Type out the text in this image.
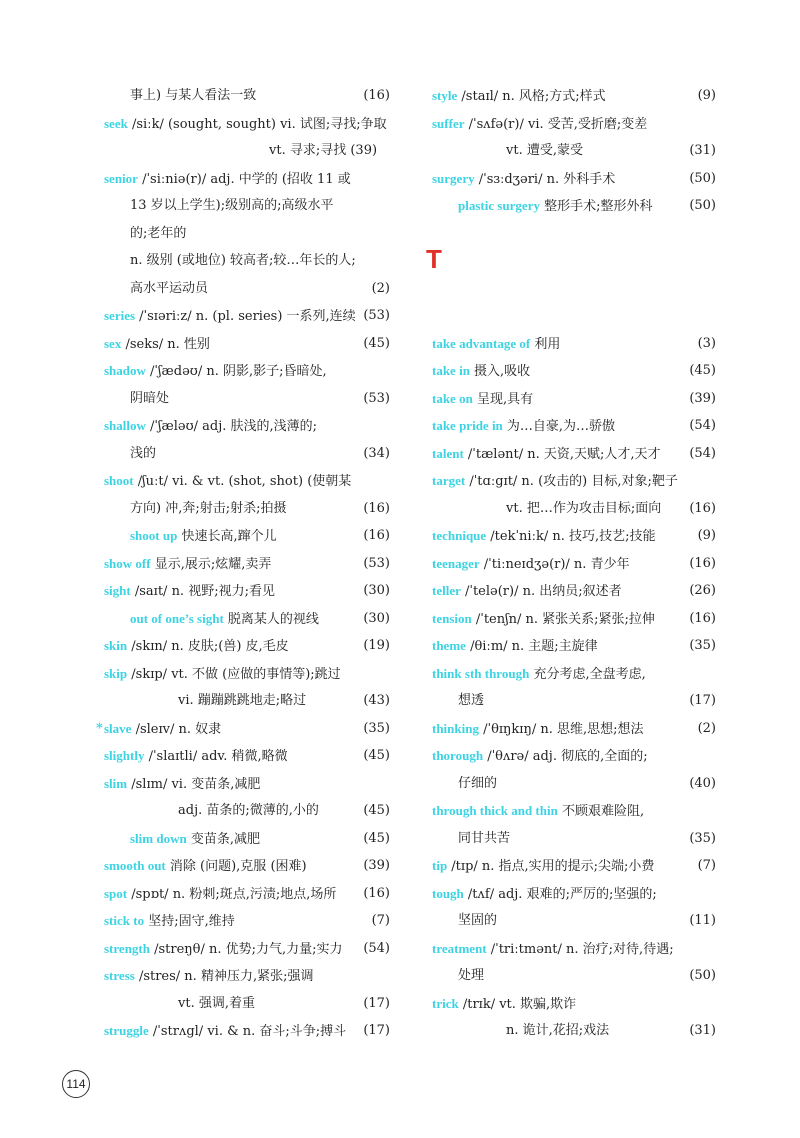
事上) 与某人看法一致	(16)
seek /siːk/ (sought, sought) vi. 试图;寻找;争取
vt. 寻求;寻找 (39)
senior /ˈsiːniə(r)/ adj. 中学的 (招收 11 或
13 岁以上学生);级别高的;高级水平
的;老年的
n. 级别 (或地位) 较高者;较…年长的人;
高水平运动员	(2)
series /ˈsɪəriːz/ n. (pl. series) 一系列,连续 (53)
sex /seks/ n. 性别	(45)
shadow /ˈʃædəʊ/ n. 阴影,影子;昏暗处,
阴暗处	(53)
shallow /ˈʃæləʊ/ adj. 肤浅的,浅薄的;
浅的	(34)
shoot /ʃuːt/ vi. & vt. (shot, shot) (使朝某
方向) 冲,奔;射击;射杀;拍摄	(16)
shoot up 快速长高,蹿个儿	(16)
show off 显示,展示;炫耀,卖弄	(53)
sight /saɪt/ n. 视野;视力;看见	(30)
out of one’s sight 脱离某人的视线	(30)
skin /skɪn/ n. 皮肤;(兽) 皮,毛皮	(19)
skip /skɪp/ vt. 不做 (应做的事情等);跳过
vi. 蹦蹦跳跳地走;略过	(43)
* slave /sleɪv/ n. 奴隶	(35)
slightly /ˈslaɪtli/ adv. 稍微,略微	(45)
slim /slɪm/ vi. 变苗条,减肥
adj. 苗条的;微薄的,小的	(45)
slim down 变苗条,减肥	(45)
smooth out 消除 (问题),克服 (困难)	(39)
spot /spɒt/ n. 粉刺;斑点,污渍;地点,场所 (16)
stick to 坚持;固守,维持	(7)
strength /streŋθ/ n. 优势;力气,力量;实力 (54)
stress /stres/ n. 精神压力,紧张;强调
vt. 强调,着重	(17)
struggle /ˈstrʌgl/ vi. & n. 奋斗;斗争;搏斗 (17)
style /staɪl/ n. 风格;方式;样式	(9)
suffer /ˈsʌfə(r)/ vi. 受苦,受折磨;变差
vt. 遭受,蒙受	(31)
surgery /ˈsɜːdʒəri/ n. 外科手术	(50)
plastic surgery 整形手术;整形外科	(50)
T
take advantage of 利用	(3)
take in 摄入,吸收	(45)
take on 呈现,具有	(39)
take pride in 为…自豪,为…骄傲	(54)
talent /ˈtælənt/ n. 天资,天赋;人才,天才 (54)
target /ˈtɑːgɪt/ n. (攻击的) 目标,对象;靶子
vt. 把…作为攻击目标;面向 (16)
technique /tekˈniːk/ n. 技巧,技艺;技能	(9)
teenager /ˈtiːneɪdʒə(r)/ n. 青少年	(16)
teller /ˈtelə(r)/ n. 出纳员;叙述者	(26)
tension /ˈtenʃn/ n. 紧张关系;紧张;拉伸	(16)
theme /θiːm/ n. 主题;主旋律	(35)
think sth through 充分考虑,全盘考虑,
想透	(17)
thinking /ˈθɪŋkɪŋ/ n. 思维,思想;想法	(2)
thorough /ˈθʌrə/ adj. 彻底的,全面的;
仔细的	(40)
through thick and thin 不顾艰难险阻,
同甘共苦	(35)
tip /tɪp/ n. 指点,实用的提示;尖端;小费	(7)
tough /tʌf/ adj. 艰难的;严厉的;坚强的;
坚固的	(11)
treatment /ˈtriːtmənt/ n. 治疗;对待,待遇;
处理	(50)
trick /trɪk/ vt. 欺骗,欺诈
n. 诡计,花招;戏法	(31)
114
